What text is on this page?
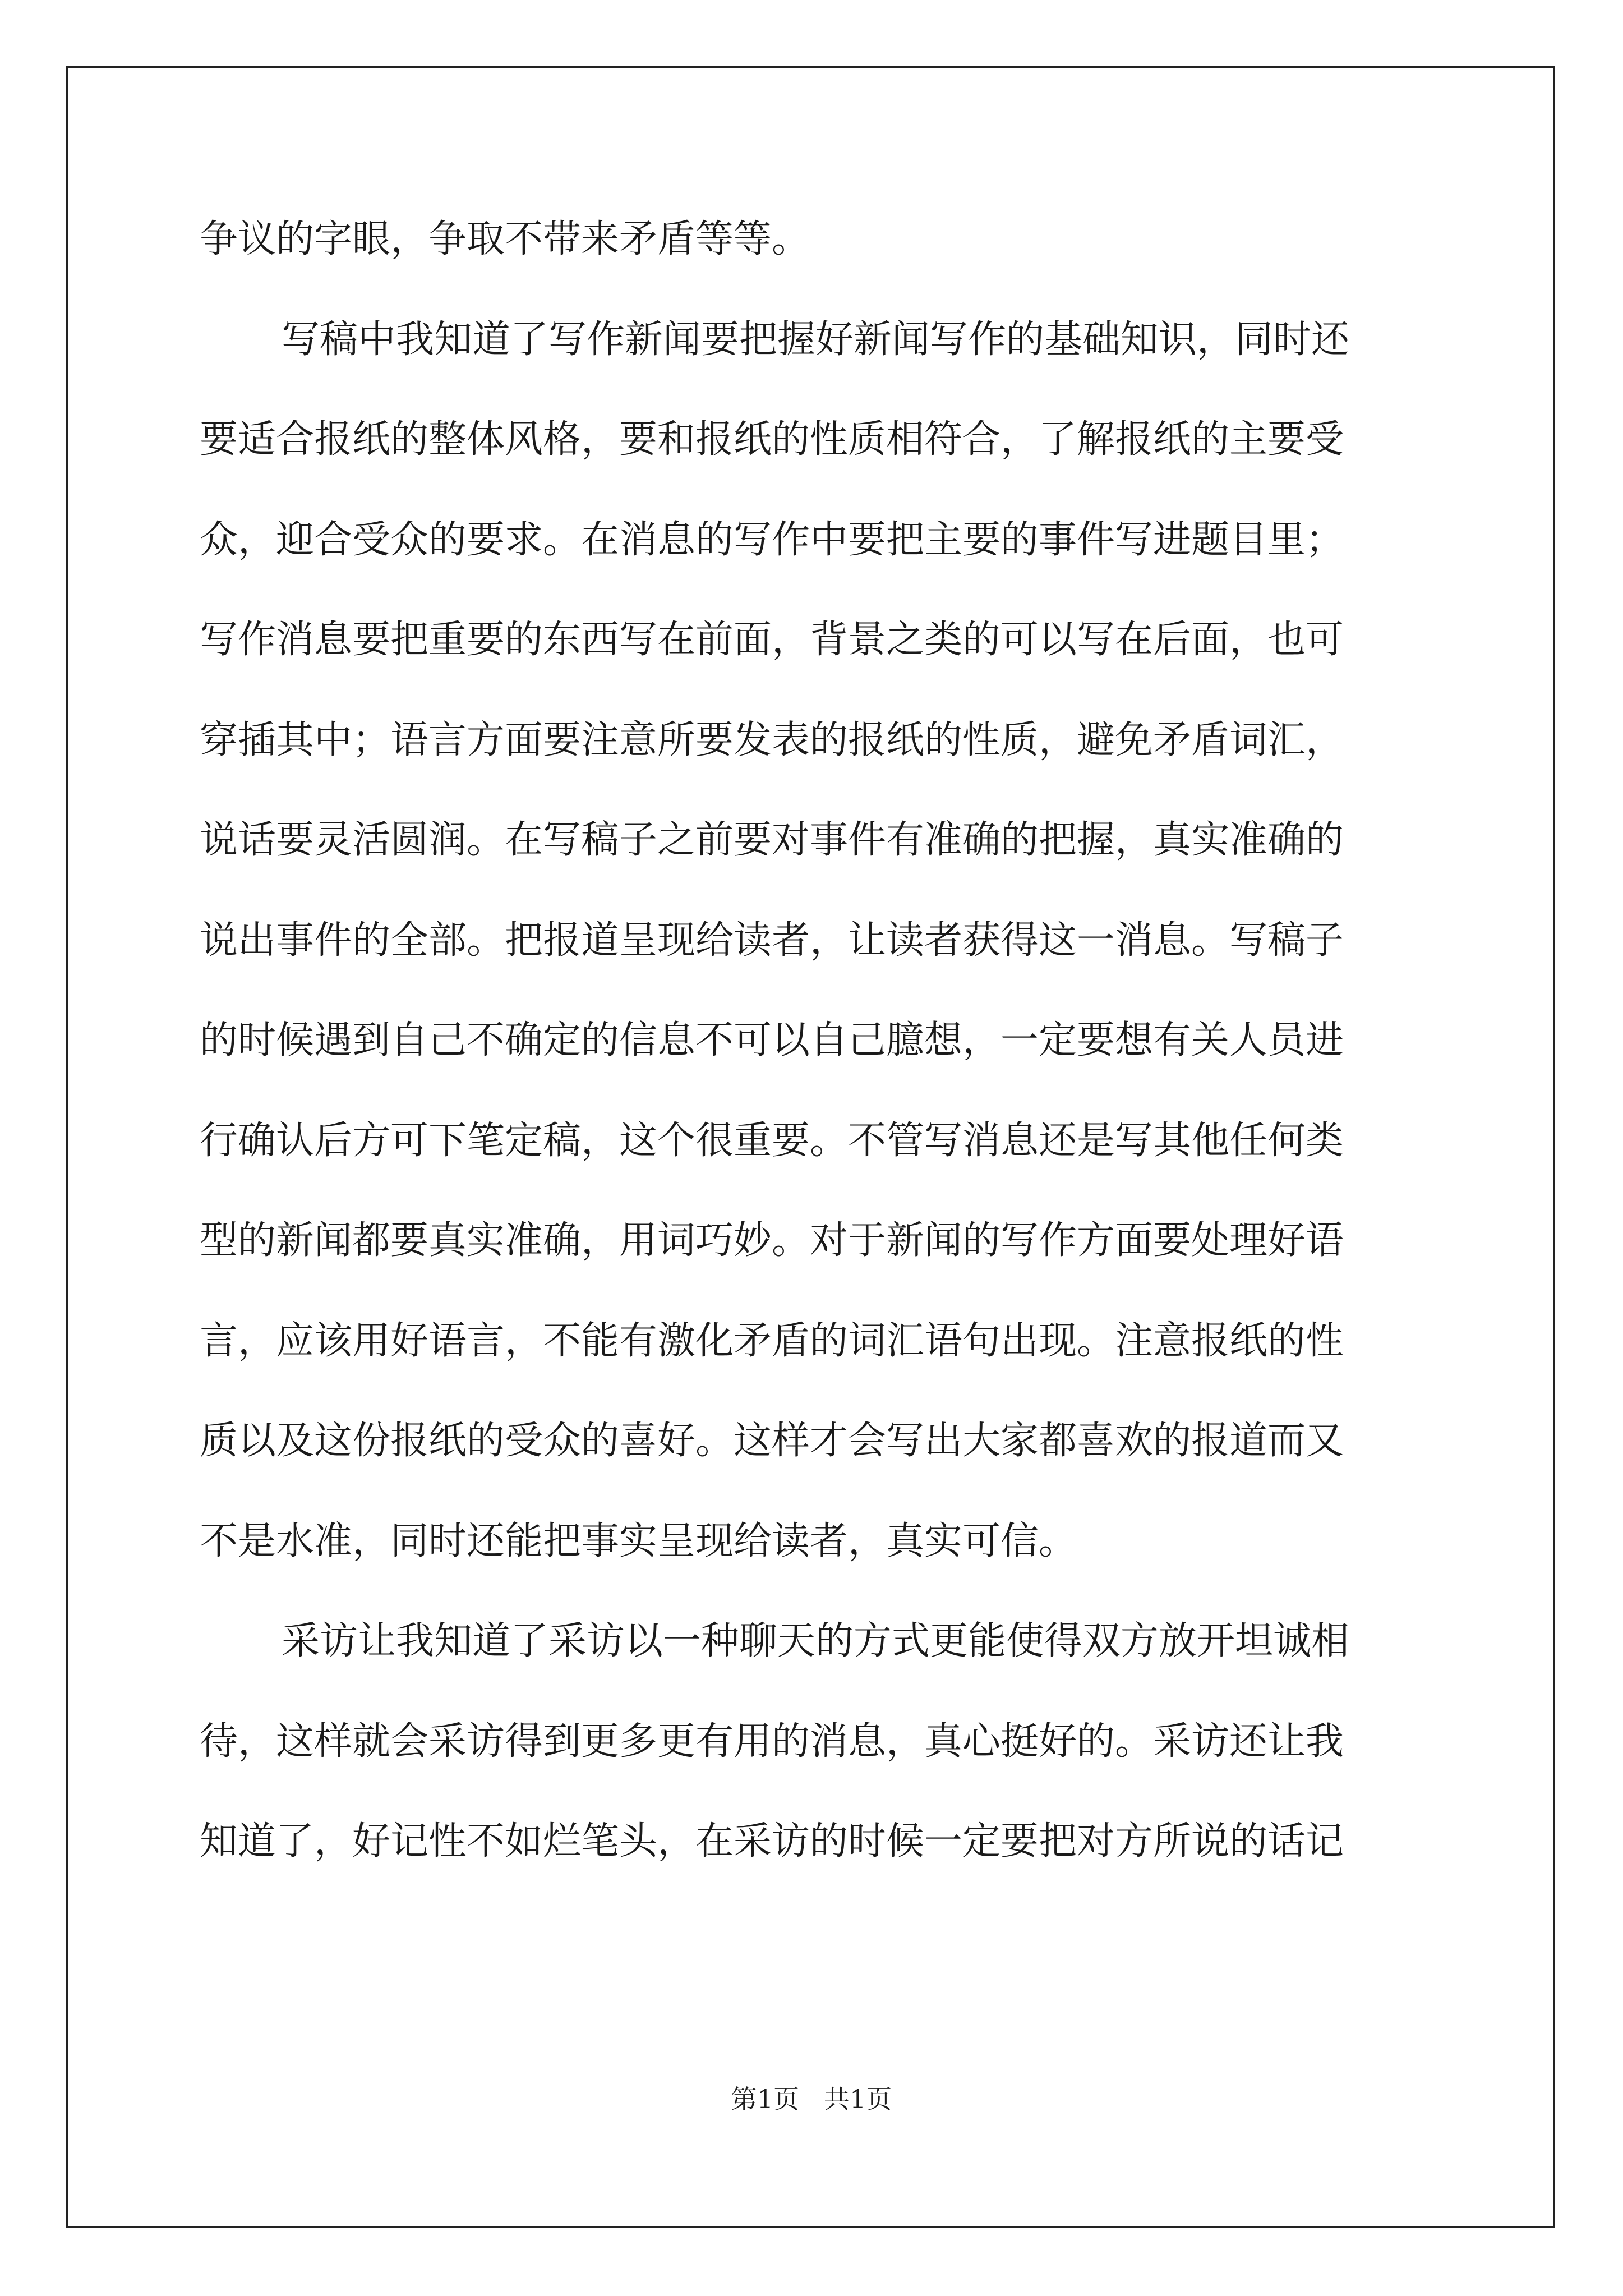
争议的字眼，争取不带来矛盾等等。
写稿中我知道了写作新闻要把握好新闻写作的基础知识，同时还
要适合报纸的整体风格，要和报纸的性质相符合，了解报纸的主要受
众，迎合受众的要求。在消息的写作中要把主要的事件写进题目里；
写作消息要把重要的东西写在前面，背景之类的可以写在后面，也可
穿插其中；语言方面要注意所要发表的报纸的性质，避免矛盾词汇，
说话要灵活圆润。在写稿子之前要对事件有准确的把握，真实准确的
说出事件的全部。把报道呈现给读者，让读者获得这一消息。写稿子
的时候遇到自己不确定的信息不可以自己臆想，一定要想有关人员进
行确认后方可下笔定稿，这个很重要。不管写消息还是写其他任何类
型的新闻都要真实准确，用词巧妙。对于新闻的写作方面要处理好语
言，应该用好语言，不能有激化矛盾的词汇语句出现。注意报纸的性
质以及这份报纸的受众的喜好。这样才会写出大家都喜欢的报道而又
不是水准，同时还能把事实呈现给读者，真实可信。
采访让我知道了采访以一种聊天的方式更能使得双方放开坦诚相
待，这样就会采访得到更多更有用的消息，真心挺好的。采访还让我
知道了，好记性不如烂笔头，在采访的时候一定要把对方所说的话记
第1页 共1页
